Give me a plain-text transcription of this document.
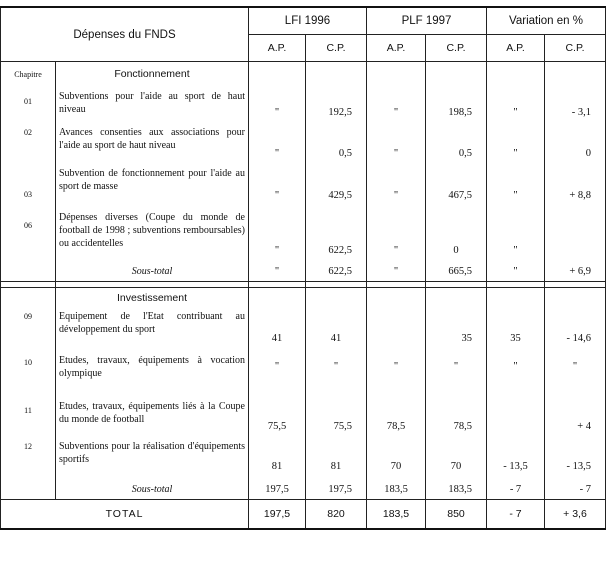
Dépenses du FNDS		LFI 1996		PLF 1997		Variation en %	
		A.P.	C.P.	A.P.	C.P.	A.P.	C.P.
Chapitre	Fonctionnement						
01	Subventions pour l'aide au sport de haut niveau	"	192,5	"	198,5	"	- 3,1
02	Avances consenties aux associations pour l'aide au sport de haut niveau	"	0,5	"	0,5	"	0
03	Subvention de fonctionnement pour l'aide au sport de masse	"	429,5	"	467,5	"	+ 8,8
06	Dépenses diverses (Coupe du monde de football de 1998 ; subventions remboursables) ou accidentelles	"	622,5	"	0	"	
	Sous-total	"	622,5	"	665,5	"	+ 6,9

	Investissement						
09	Equipement de l'Etat contribuant au développement du sport	41	41		35	35	- 14,6
10	Etudes, travaux, équipements à vocation olympique	"	"	"	"	"	"
11	Etudes, travaux, équipements liés à la Coupe du monde de football	75,5	75,5	78,5	78,5		+ 4
12	Subventions pour la réalisation d'équipements sportifs	81	81	70	70	- 13,5	- 13,5
	Sous-total	197,5	197,5	183,5	183,5	- 7	- 7
TOTAL		197,5	820	183,5	850	- 7	+ 3,6
